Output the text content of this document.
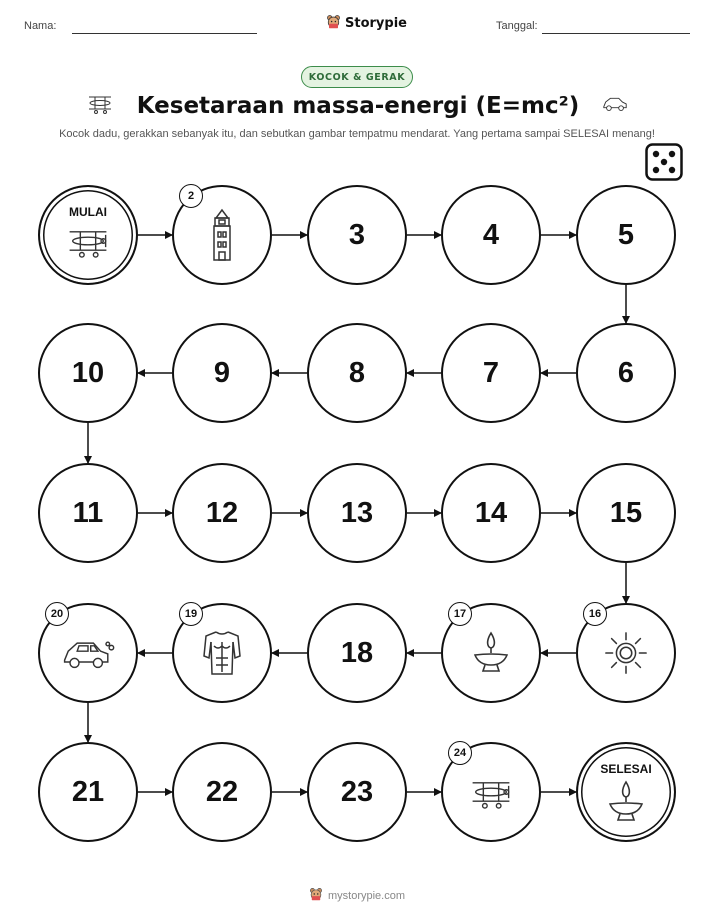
Nama:	Storypie	Tanggal:
KOCOK & GERAK
Kesetaraan massa-energi (E=mc²)
Kocok dadu, gerakkan sebanyak itu, dan sebutkan gambar tempatmu mendarat. Yang pertama sampai SELESAI menang!
MULAI
2
3	4	5
6
7
8
9
10
11	12	13	14	15
16
17
18
19
20
21	22	23
24
SELESAI
mystorypie.com
